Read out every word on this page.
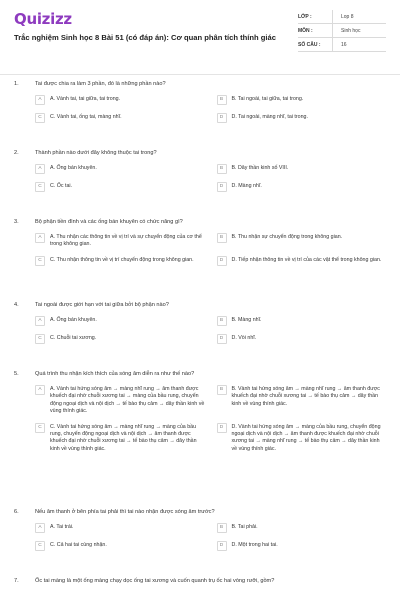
Quizizz
Trắc nghiệm Sinh học 8 Bài 51 (có đáp án): Cơ quan phân tích thính giác
LỚP :	Lop 8
MÔN :	Sinh học
SỐ CÂU :	16
1.	Tai được chia ra làm 3 phần, đó là những phần nào?
A	A. Vành tai, tai giữa, tai trong.	B	B. Tai ngoài, tai giữa, tai trong.
C	C. Vành tai, ống tai, màng nhĩ.	D	D. Tai ngoài, màng nhĩ, tai trong.
2.	Thành phần nào dưới đây không thuộc tai trong?
A	A. Ống bán khuyên.	B	B. Dây thần kinh số VIII.
C	C. Ốc tai.	D	D. Màng nhĩ.
3.	Bộ phận tiền đình và các ống bán khuyên có chức năng gì?
A	A. Thu nhận các thông tin về vị trí và sự chuyển động của cơ thể trong không gian.
B	B. Thu nhận sự chuyển động trong không gian.
C	C. Thu nhận thông tin về vị trí chuyển động trong không gian.	D	D. Tiếp nhận thông tin về vị trí của các vật thể trong không gian.
4.	Tai ngoài được giới hạn với tai giữa bởi bộ phận nào?
A	A. Ống bán khuyên.	B	B. Màng nhĩ.
C	C. Chuỗi tai xương.	D	D. Vòi nhĩ.
5.	Quá trình thu nhận kích thích của sóng âm diễn ra như thế nào?
A	A. Vành tai hứng sóng âm → màng nhĩ rung → âm thanh được khuếch đại nhờ chuỗi xương tai → màng của bầu rung, chuyển động ngoại dịch và nội dịch → tế bào thụ cảm → dây thần kinh về vùng thính giác.
B	B. Vành tai hứng sóng âm → màng nhĩ rung → âm thanh được khuếch đại nhờ chuỗi xương tai → tế bào thụ cảm → dây thần kinh về vùng thính giác.
C	C. Vành tai hứng sóng âm → màng nhĩ rung → màng của bầu rung, chuyển động ngoại dịch và nội dịch → âm thanh được khuếch đại nhờ chuỗi xương tai → tế bào thụ cảm → dây thần kinh về vùng thính giác.
D	D. Vành tai hứng sóng âm → màng của bầu rung, chuyển động ngoại dịch và nội dịch → âm thanh được khuếch đại nhờ chuỗi xương tai → màng nhĩ rung → tế bào thụ cảm → dây thần kinh về vùng thính giác.
6.	Nếu âm thanh ở bên phía tai phải thì tai nào nhận được sóng âm trước?
A	A. Tai trái.	B	B. Tai phải.
C	C. Cả hai tai cùng nhận.	D	D. Một trong hai tai.
7.	Ốc tai màng là một ống màng chạy dọc ống tai xương và cuốn quanh trụ ốc hai vòng rưỡi, gồm?
